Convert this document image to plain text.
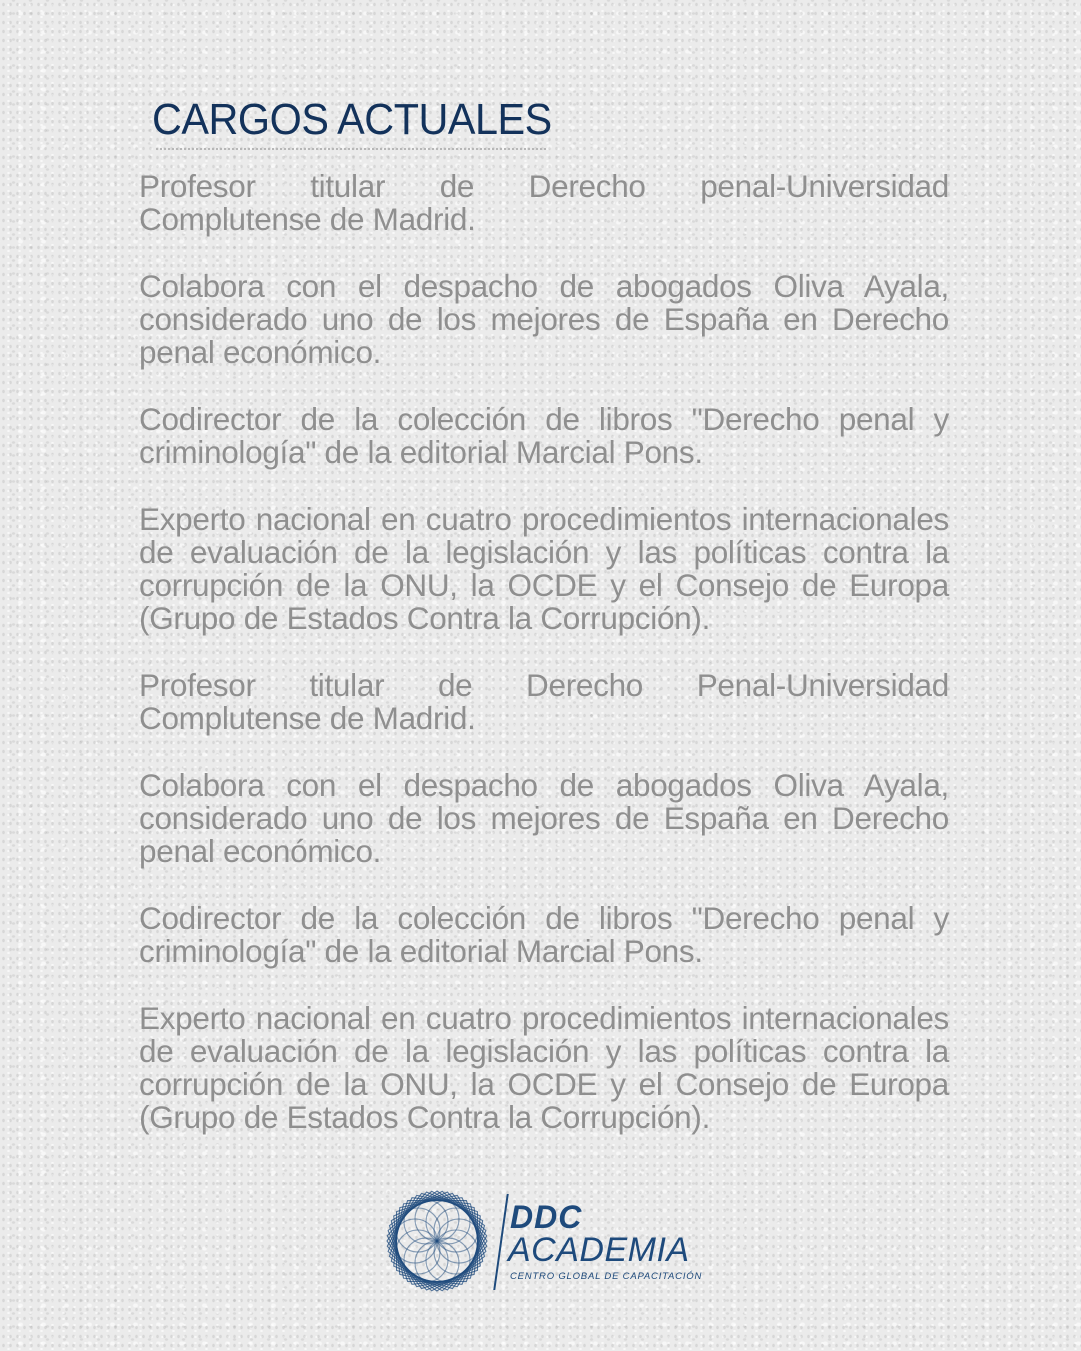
CARGOS ACTUALES

Profesor titular de Derecho penal-Universidad Complutense de Madrid.

Colabora con el despacho de abogados Oliva Ayala, considerado uno de los mejores de España en Derecho penal económico.

Codirector de la colección de libros "Derecho penal y criminología" de la editorial Marcial Pons.

Experto nacional en cuatro procedimientos internacionales de evaluación de la legislación y las políticas contra la corrupción de la ONU, la OCDE y el Consejo de Europa (Grupo de Estados Contra la Corrupción).

Profesor titular de Derecho Penal-Universidad Complutense de Madrid.

Colabora con el despacho de abogados Oliva Ayala, considerado uno de los mejores de España en Derecho penal económico.

Codirector de la colección de libros "Derecho penal y criminología" de la editorial Marcial Pons.

Experto nacional en cuatro procedimientos internacionales de evaluación de la legislación y las políticas contra la corrupción de la ONU, la OCDE y el Consejo de Europa (Grupo de Estados Contra la Corrupción).

DDC
ACADEMIA
CENTRO GLOBAL DE CAPACITACIÓN
